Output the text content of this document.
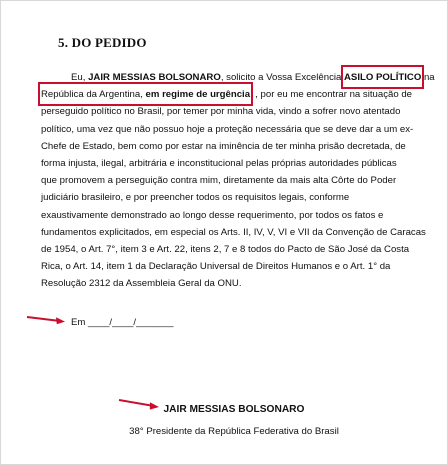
5. DO PEDIDO
Eu, JAIR MESSIAS BOLSONARO , solicito a Vossa Excelência ASILO POLÍTICO na
República da Argentina, em regime de urgência , por eu me encontrar na situação de
perseguido político no Brasil, por temer por minha vida, vindo a sofrer novo atentado
político, uma vez que não possuo hoje a proteção necessária que se deve dar a um ex-
Chefe de Estado, bem como por estar na iminência de ter minha prisão decretada, de
forma injusta, ilegal, arbitrária e inconstitucional pelas próprias autoridades públicas
que promovem a perseguição contra mim, diretamente da mais alta Côrte do Poder
judiciário brasileiro, e por preencher todos os requisitos legais, conforme
exaustivamente demonstrado ao longo desse requerimento, por todos os fatos e
fundamentos explicitados, em especial os Arts. II, IV, V, VI e VII da Convenção de Caracas
de 1954, o Art. 7°, item 3 e Art. 22, itens 2, 7 e 8 todos do Pacto de São José da Costa
Rica, o Art. 14, item 1 da Declaração Universal de Direitos Humanos e o Art. 1° da
Resolução 2312 da Assembleia Geral da ONU.
Em ____/____/_______
JAIR MESSIAS BOLSONARO
38° Presidente da República Federativa do Brasil
